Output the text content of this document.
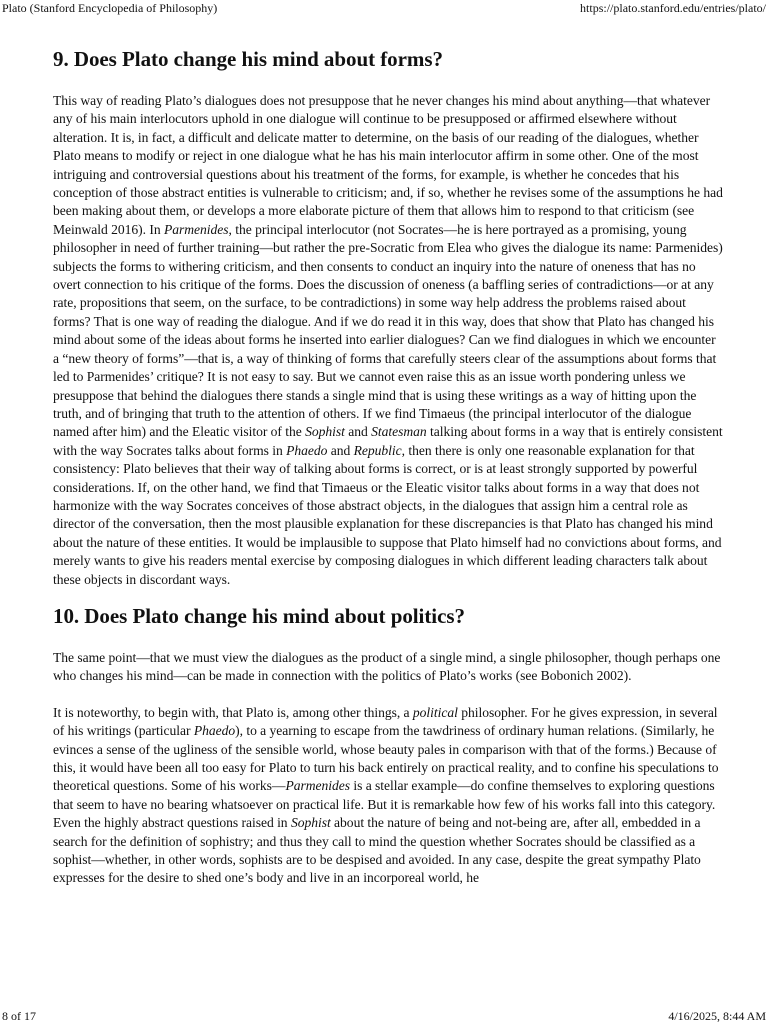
Plato (Stanford Encyclopedia of Philosophy)	https://plato.stanford.edu/entries/plato/
9. Does Plato change his mind about forms?

This way of reading Plato’s dialogues does not presuppose that he never changes his mind about anything—that whatever any of his main interlocutors uphold in one dialogue will continue to be presupposed or affirmed elsewhere without alteration. It is, in fact, a difficult and delicate matter to determine, on the basis of our reading of the dialogues, whether Plato means to modify or reject in one dialogue what he has his main interlocutor affirm in some other. One of the most intriguing and controversial questions about his treatment of the forms, for example, is whether he concedes that his conception of those abstract entities is vulnerable to criticism; and, if so, whether he revises some of the assumptions he had been making about them, or develops a more elaborate picture of them that allows him to respond to that criticism (see Meinwald 2016). In Parmenides, the principal interlocutor (not Socrates—he is here portrayed as a promising, young philosopher in need of further training—but rather the pre-Socratic from Elea who gives the dialogue its name: Parmenides) subjects the forms to withering criticism, and then consents to conduct an inquiry into the nature of oneness that has no overt connection to his critique of the forms. Does the discussion of oneness (a baffling series of contradictions—or at any rate, propositions that seem, on the surface, to be contradictions) in some way help address the problems raised about forms? That is one way of reading the dialogue. And if we do read it in this way, does that show that Plato has changed his mind about some of the ideas about forms he inserted into earlier dialogues? Can we find dialogues in which we encounter a “new theory of forms”—that is, a way of thinking of forms that carefully steers clear of the assumptions about forms that led to Parmenides’ critique? It is not easy to say. But we cannot even raise this as an issue worth pondering unless we presuppose that behind the dialogues there stands a single mind that is using these writings as a way of hitting upon the truth, and of bringing that truth to the attention of others. If we find Timaeus (the principal interlocutor of the dialogue named after him) and the Eleatic visitor of the Sophist and Statesman talking about forms in a way that is entirely consistent with the way Socrates talks about forms in Phaedo and Republic, then there is only one reasonable explanation for that consistency: Plato believes that their way of talking about forms is correct, or is at least strongly supported by powerful considerations. If, on the other hand, we find that Timaeus or the Eleatic visitor talks about forms in a way that does not harmonize with the way Socrates conceives of those abstract objects, in the dialogues that assign him a central role as director of the conversation, then the most plausible explanation for these discrepancies is that Plato has changed his mind about the nature of these entities. It would be implausible to suppose that Plato himself had no convictions about forms, and merely wants to give his readers mental exercise by composing dialogues in which different leading characters talk about these objects in discordant ways.

10. Does Plato change his mind about politics?

The same point—that we must view the dialogues as the product of a single mind, a single philosopher, though perhaps one who changes his mind—can be made in connection with the politics of Plato’s works (see Bobonich 2002).

It is noteworthy, to begin with, that Plato is, among other things, a political philosopher. For he gives expression, in several of his writings (particular Phaedo), to a yearning to escape from the tawdriness of ordinary human relations. (Similarly, he evinces a sense of the ugliness of the sensible world, whose beauty pales in comparison with that of the forms.) Because of this, it would have been all too easy for Plato to turn his back entirely on practical reality, and to confine his speculations to theoretical questions. Some of his works—Parmenides is a stellar example—do confine themselves to exploring questions that seem to have no bearing whatsoever on practical life. But it is remarkable how few of his works fall into this category. Even the highly abstract questions raised in Sophist about the nature of being and not-being are, after all, embedded in a search for the definition of sophistry; and thus they call to mind the question whether Socrates should be classified as a sophist—whether, in other words, sophists are to be despised and avoided. In any case, despite the great sympathy Plato expresses for the desire to shed one’s body and live in an incorporeal world, he

8 of 17	4/16/2025, 8:44 AM
